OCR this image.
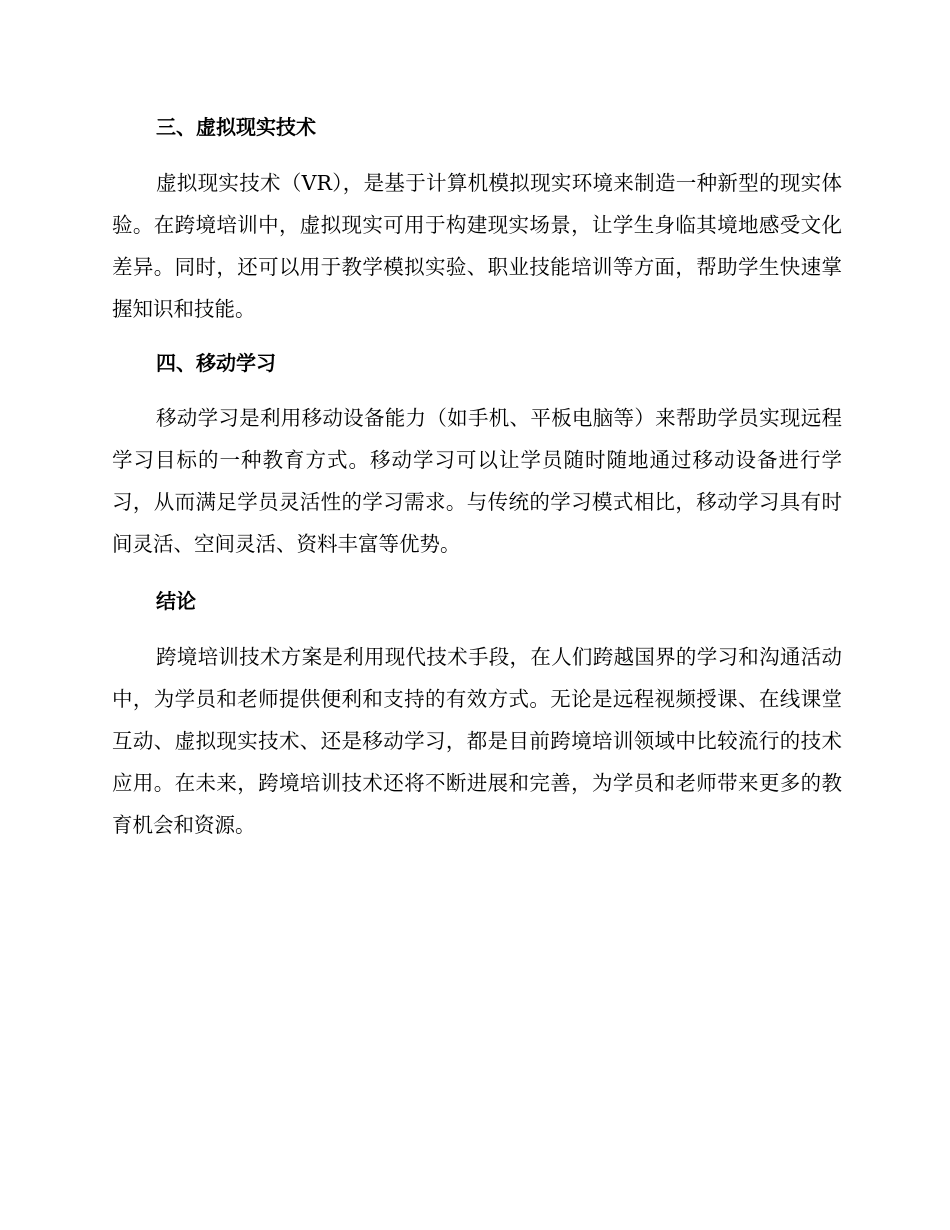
三、虚拟现实技术

虚拟现实技术（VR），是基于计算机模拟现实环境来制造一种新型的现实体验。在跨境培训中，虚拟现实可用于构建现实场景，让学生身临其境地感受文化差异。同时，还可以用于教学模拟实验、职业技能培训等方面，帮助学生快速掌握知识和技能。

四、移动学习

移动学习是利用移动设备能力（如手机、平板电脑等）来帮助学员实现远程学习目标的一种教育方式。移动学习可以让学员随时随地通过移动设备进行学习，从而满足学员灵活性的学习需求。与传统的学习模式相比，移动学习具有时间灵活、空间灵活、资料丰富等优势。

结论

跨境培训技术方案是利用现代技术手段，在人们跨越国界的学习和沟通活动中，为学员和老师提供便利和支持的有效方式。无论是远程视频授课、在线课堂互动、虚拟现实技术、还是移动学习，都是目前跨境培训领域中比较流行的技术应用。在未来，跨境培训技术还将不断进展和完善，为学员和老师带来更多的教育机会和资源。
